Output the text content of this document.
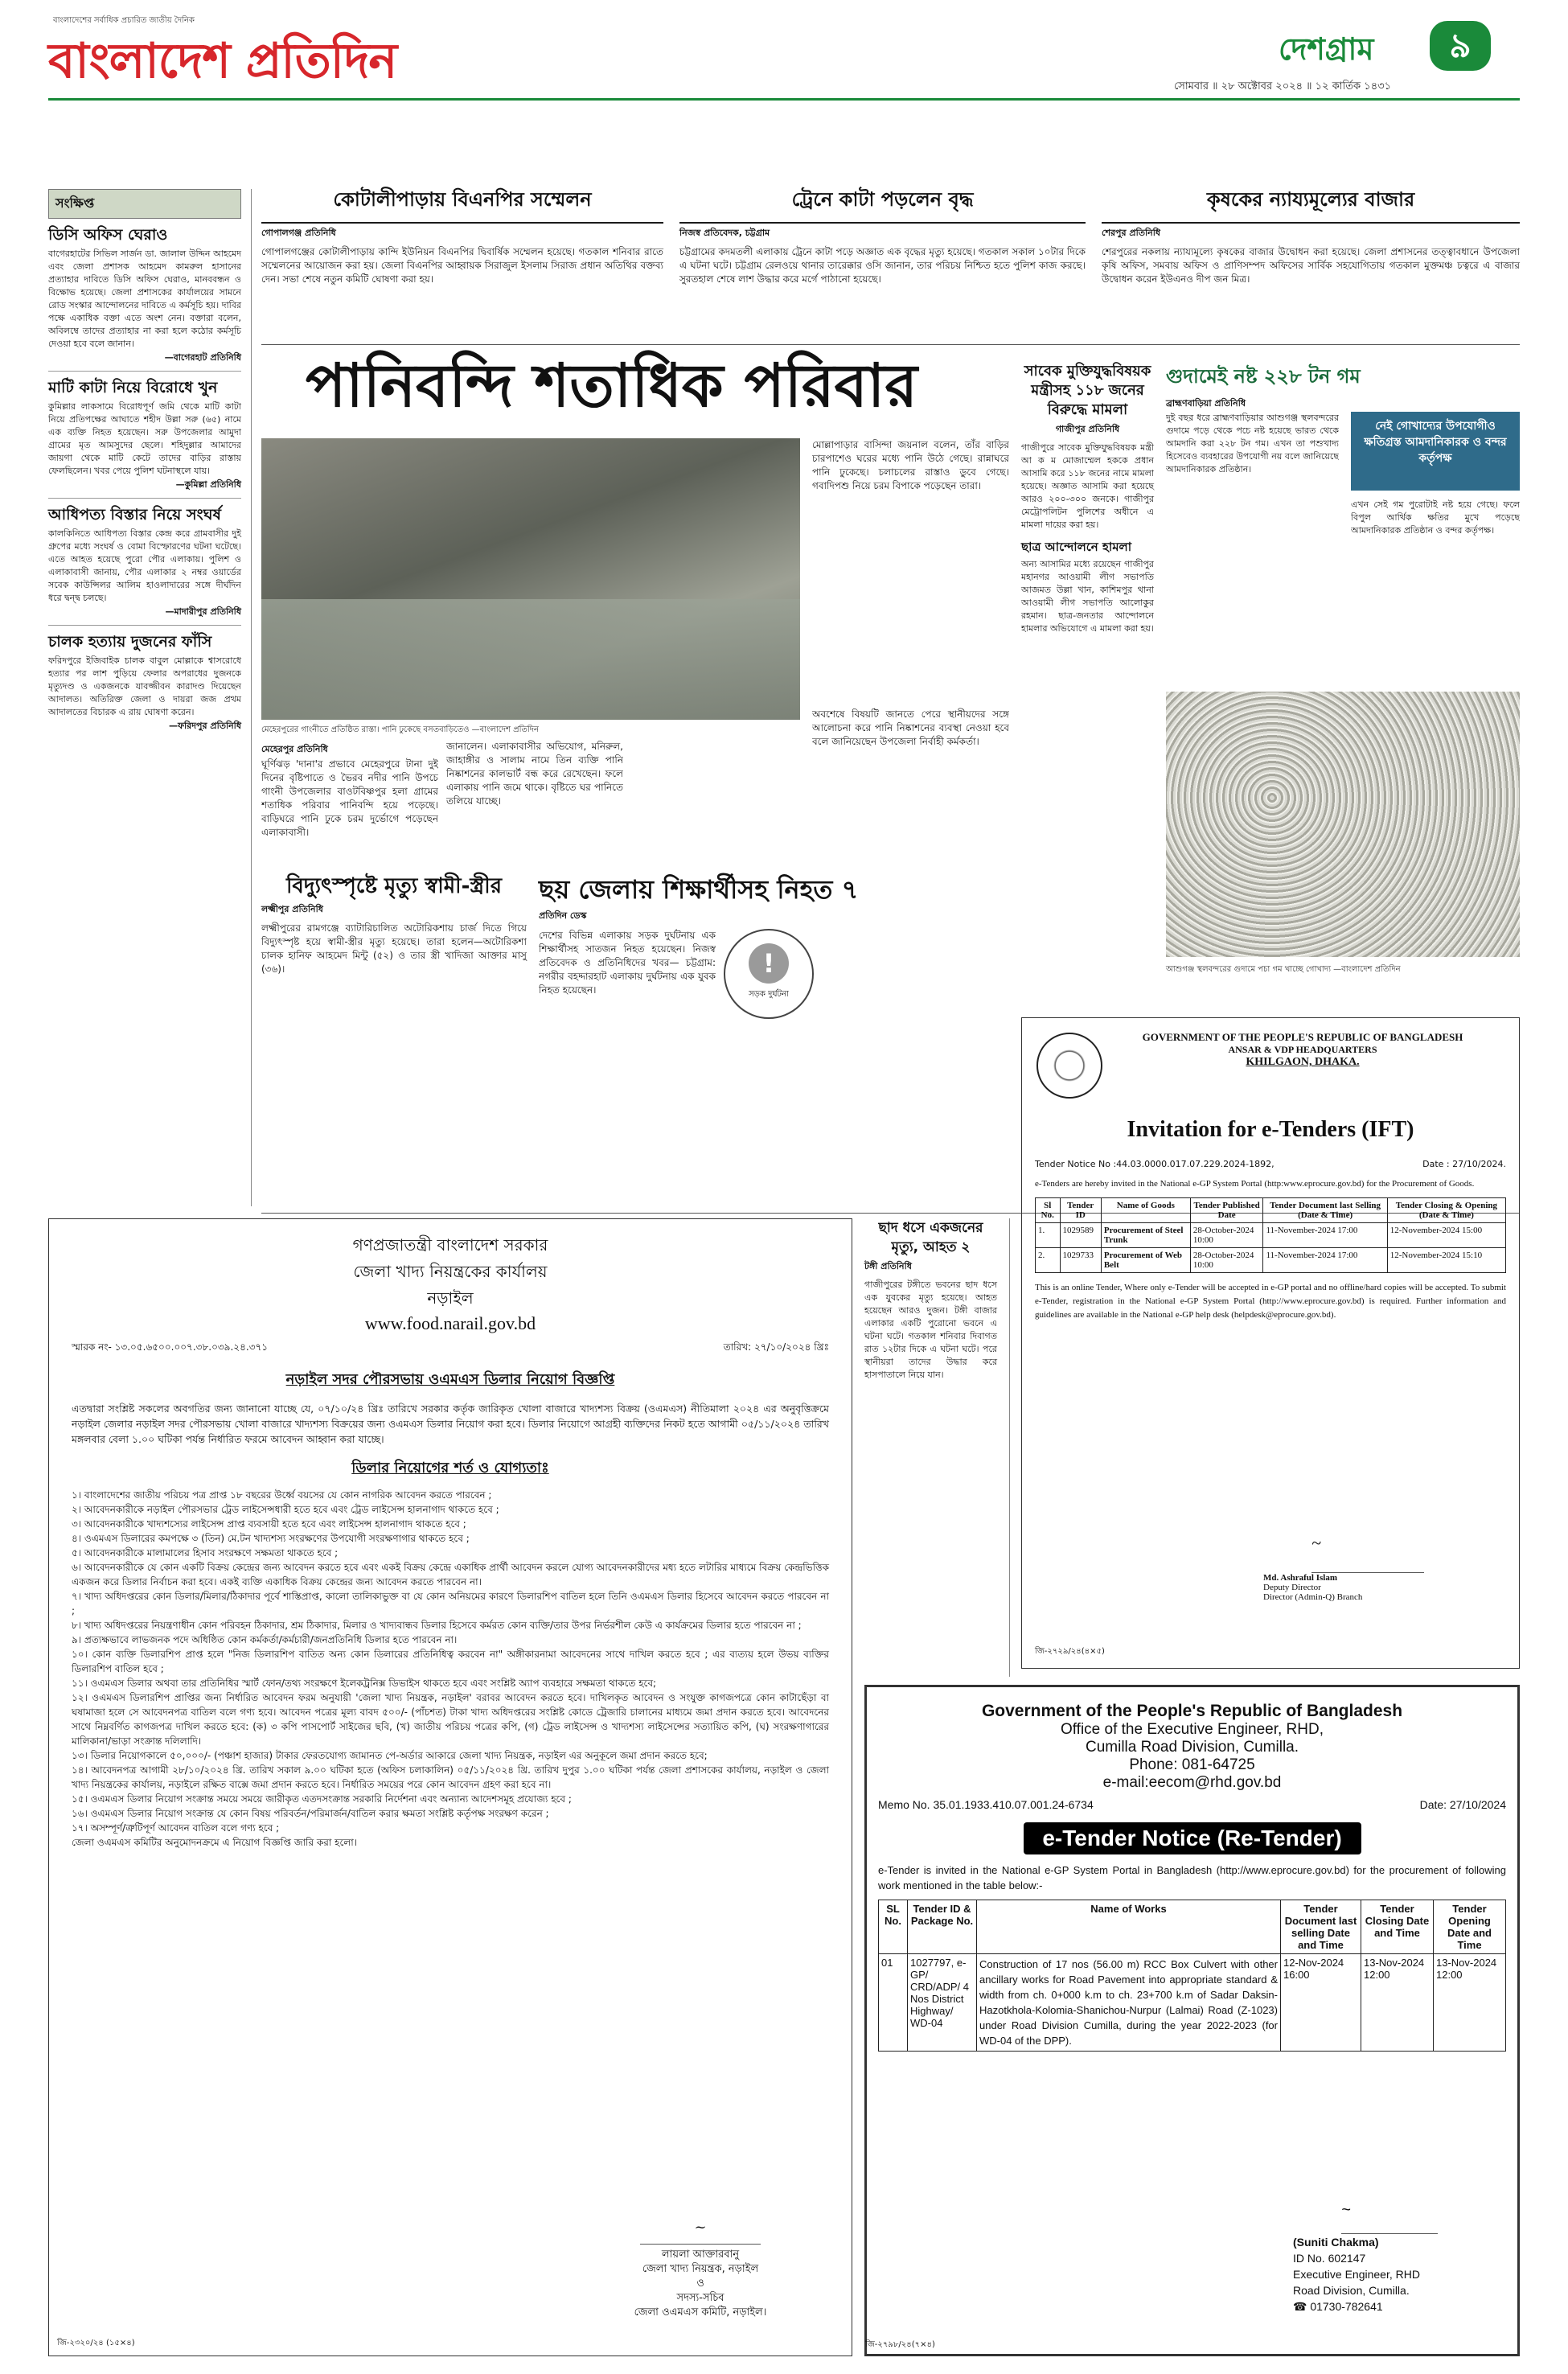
বাংলাদেশের সর্বাধিক প্রচারিত জাতীয় দৈনিক
বাংলাদেশ প্রতিদিন	দেশগ্রাম	৯
সোমবার ॥ ২৮ অক্টোবর ২০২৪ ॥ ১২ কার্তিক ১৪৩১
সংক্ষিপ্ত
ডিসি অফিস ঘেরাও
বাগেরহাটের সিভিল সার্জন ডা. জালাল উদ্দিন আহমেদ এবং জেলা প্রশাসক আহমেদ কামরুল হাসানের প্রত্যাহার দাবিতে ডিসি অফিস ঘেরাও, মানববন্ধন ও বিক্ষোভ হয়েছে। জেলা প্রশাসকের কার্যালয়ের সামনে রোড সংস্কার আন্দোলনের দাবিতে এ কর্মসূচি হয়। দাবির পক্ষে একাধিক বক্তা এতে অংশ নেন। বক্তারা বলেন, অবিলম্বে তাদের প্রত্যাহার না করা হলে কঠোর কর্মসূচি দেওয়া হবে বলে জানান।
—বাগেরহাট প্রতিনিধি
মাটি কাটা নিয়ে বিরোধে খুন
কুমিল্লার লাকসামে বিরোধপূর্ণ জমি থেকে মাটি কাটা নিয়ে প্রতিপক্ষের আঘাতে শহীদ উল্লা সরু (৬৫) নামে এক ব্যক্তি নিহত হয়েছেন। সরু উপজেলার আমুদা গ্রামের মৃত আমসুদের ছেলে। শহিদুল্লার আমাদের জায়গা থেকে মাটি কেটে তাদের বাড়ির রাস্তায় ফেলছিলেন। খবর পেয়ে পুলিশ ঘটনাস্থলে যায়।
—কুমিল্লা প্রতিনিধি
আধিপত্য বিস্তার নিয়ে সংঘর্ষ
কালকিনিতে আধিপত্য বিস্তার কেন্দ্র করে গ্রামবাসীর দুই গ্রুপের মধ্যে সংঘর্ষ ও বোমা বিস্ফোরণের ঘটনা ঘটেছে। এতে আহত হয়েছে পুরো পৌর এলাকায়। পুলিশ ও এলাকাবাসী জানায়, পৌর এলাকার ২ নম্বর ওয়ার্ডের সবেক কাউন্সিলর আলিম হাওলাদারের সঙ্গে দীর্ঘদিন ধরে দ্বন্দ্ব চলছে।
—মাদারীপুর প্রতিনিধি
চালক হত্যায় দুজনের ফাঁসি
ফরিদপুরে ইজিবাইক চালক বাবুল মোল্লাকে শ্বাসরোধে হত্যার পর লাশ পুড়িয়ে ফেলার অপরাধের দুজনকে মৃত্যুদণ্ড ও একজনকে যাবজ্জীবন কারাদণ্ড দিয়েছেন আদালত। অতিরিক্ত জেলা ও দায়রা জজ প্রথম আদালতের বিচারক এ রায় ঘোষণা করেন।
—ফরিদপুর প্রতিনিধি
কোটালীপাড়ায় বিএনপির সম্মেলন
গোপালগঞ্জ প্রতিনিধি
গোপালগঞ্জের কোটালীপাড়ায় কান্দি ইউনিয়ন বিএনপির দ্বিবার্ষিক সম্মেলন হয়েছে। গতকাল শনিবার রাতে সম্মেলনের আয়োজন করা হয়। জেলা বিএনপির আহ্বায়ক সিরাজুল ইসলাম সিরাজ প্রধান অতিথির বক্তব্য দেন। সভা শেষে নতুন কমিটি ঘোষণা করা হয়।
ট্রেনে কাটা পড়লেন বৃদ্ধ
নিজস্ব প্রতিবেদক, চট্টগ্রাম
চট্টগ্রামের কদমতলী এলাকায় ট্রেনে কাটা পড়ে অজ্ঞাত এক বৃদ্ধের মৃত্যু হয়েছে। গতকাল সকাল ১০টার দিকে এ ঘটনা ঘটে। চট্টগ্রাম রেলওয়ে থানার তারেক্কার ওসি জানান, তার পরিচয় নিশ্চিত হতে পুলিশ কাজ করছে। সুরতহাল শেষে লাশ উদ্ধার করে মর্গে পাঠানো হয়েছে।
কৃষকের ন্যায্যমূল্যের বাজার
শেরপুর প্রতিনিধি
শেরপুরের নকলায় ন্যায্যমূল্যে কৃষকের বাজার উদ্বোধন করা হয়েছে। জেলা প্রশাসনের তত্ত্বাবধানে উপজেলা কৃষি অফিস, সমবায় অফিস ও প্রাণিসম্পদ অফিসের সার্বিক সহযোগিতায় গতকাল মুক্তমঞ্চ চত্বরে এ বাজার উদ্বোধন করেন ইউএনও দীপ জন মিত্র।
পানিবন্দি শতাধিক পরিবার
মেহেরপুরের গাংনীতে প্রতিষ্ঠিত রাস্তা। পানি ঢুকেছে বসতবাড়িতেও —বাংলাদেশ প্রতিদিন
মেহেরপুর প্রতিনিধি
ঘূর্ণিঝড় 'দানা'র প্রভাবে মেহেরপুরে টানা দুই দিনের বৃষ্টিপাতে ও ভৈরব নদীর পানি উপচে গাংনী উপজেলার বাওটবিষ্ণপুর হলা গ্রামের শতাধিক পরিবার পানিবন্দি হয়ে পড়েছে। বাড়িঘরে পানি ঢুকে চরম দুর্ভোগে পড়েছেন এলাকাবাসী।
জানালেন। এলাকাবাসীর অভিযোগ, মনিরুল, জাহাঙ্গীর ও সালাম নামে তিন ব্যক্তি পানি নিষ্কাশনের কালভার্ট বন্ধ করে রেখেছেন। ফলে এলাকায় পানি জমে থাকে। বৃষ্টিতে ঘর পানিতে তলিয়ে যাচ্ছে।
মোল্লাপাড়ার বাসিন্দা জয়নাল বলেন, তাঁর বাড়ির চারপাশেও ঘরের মধ্যে পানি উঠে গেছে। রান্নাঘরে পানি ঢুকেছে। চলাচলের রাস্তাও ডুবে গেছে। গবাদিপশু নিয়ে চরম বিপাকে পড়েছেন তারা।
অবশেষে বিষয়টি জানতে পেরে স্থানীয়দের সঙ্গে আলোচনা করে পানি নিষ্কাশনের ব্যবস্থা নেওয়া হবে বলে জানিয়েছেন উপজেলা নির্বাহী কর্মকর্তা।
সাবেক মুক্তিযুদ্ধবিষয়ক মন্ত্রীসহ ১১৮ জনের বিরুদ্ধে মামলা
গাজীপুর প্রতিনিধি
গাজীপুরে সাবেক মুক্তিযুদ্ধবিষয়ক মন্ত্রী আ ক ম মোজাম্মেল হককে প্রধান আসামি করে ১১৮ জনের নামে মামলা হয়েছে। অজ্ঞাত আসামি করা হয়েছে আরও ২০০-৩০০ জনকে। গাজীপুর মেট্রোপলিটন পুলিশের অধীনে এ মামলা দায়ের করা হয়।
ছাত্র আন্দোলনে হামলা
অন্য আসামির মধ্যে রয়েছেন গাজীপুর মহানগর আওয়ামী লীগ সভাপতি আজমত উল্লা খান, কাশিমপুর থানা আওয়ামী লীগ সভাপতি আলোকুর রহমান। ছাত্র-জনতার আন্দোলনে হামলার অভিযোগে এ মামলা করা হয়।
গুদামেই নষ্ট ২২৮ টন গম
ব্রাহ্মণবাড়িয়া প্রতিনিধি
নেই গোখাদ্যের উপযোগীও ক্ষতিগ্রস্ত আমদানিকারক ও বন্দর কর্তৃপক্ষ
দুই বছর ধরে ব্রাহ্মণবাড়িয়ার আশুগঞ্জ স্থলবন্দরের গুদামে পড়ে থেকে পচে নষ্ট হয়েছে ভারত থেকে আমদানি করা ২২৮ টন গম। এখন তা পশুখাদ্য হিসেবেও ব্যবহারের উপযোগী নয় বলে জানিয়েছে আমদানিকারক প্রতিষ্ঠান।
এখন সেই গম পুরোটাই নষ্ট হয়ে গেছে। ফলে বিপুল আর্থিক ক্ষতির মুখে পড়েছে আমদানিকারক প্রতিষ্ঠান ও বন্দর কর্তৃপক্ষ।
আশুগঞ্জ স্থলবন্দরের গুদামে পচা গম খাচ্ছে গোখাদ্য —বাংলাদেশ প্রতিদিন
বিদ্যুৎস্পৃষ্টে মৃত্যু স্বামী-স্ত্রীর
লক্ষ্মীপুর প্রতিনিধি
লক্ষ্মীপুরের রামগঞ্জে ব্যাটারিচালিত অটোরিকশায় চার্জ দিতে গিয়ে বিদ্যুৎস্পৃষ্ট হয়ে স্বামী-স্ত্রীর মৃত্যু হয়েছে। তারা হলেন—অটোরিকশা চালক হানিফ আহমেদ মিন্টু (৫২) ও তার স্ত্রী খাদিজা আক্তার মাসু (৩৬)।
ছয় জেলায় শিক্ষার্থীসহ নিহত ৭
প্রতিদিন ডেস্ক
!
সড়ক দুর্ঘটনা
দেশের বিভিন্ন এলাকায় সড়ক দুর্ঘটনায় এক শিক্ষার্থীসহ সাতজন নিহত হয়েছেন। নিজস্ব প্রতিবেদক ও প্রতিনিধিদের খবর— চট্টগ্রাম: নগরীর বহদ্দারহাট এলাকায় দুর্ঘটনায় এক যুবক নিহত হয়েছেন।
গণপ্রজাতন্ত্রী বাংলাদেশ সরকার
জেলা খাদ্য নিয়ন্ত্রকের কার্যালয়
নড়াইল
www.food.narail.gov.bd
স্মারক নং- ১৩.০৫.৬৫০০.০০৭.৩৮.০৩৯.২৪.৩৭১	তারিখ: ২৭/১০/২০২৪ খ্রিঃ
নড়াইল সদর পৌরসভায় ওএমএস ডিলার নিয়োগ বিজ্ঞপ্তি
এতদ্বারা সংশ্লিষ্ট সকলের অবগতির জন্য জানানো যাচ্ছে যে, ০৭/১০/২৪ খ্রিঃ তারিখে সরকার কর্তৃক জারিকৃত খোলা বাজারে খাদ্যশস্য বিক্রয় (ওএমএস) নীতিমালা ২০২৪ এর অনুবৃত্তিক্রমে নড়াইল জেলার নড়াইল সদর পৌরসভায় খোলা বাজারে খাদ্যশস্য বিক্রয়ের জন্য ওএমএস ডিলার নিয়োগ করা হবে। ডিলার নিয়োগে আগ্রহী ব্যক্তিদের নিকট হতে আগামী ০৫/১১/২০২৪ তারিখ মঙ্গলবার বেলা ১.০০ ঘটিকা পর্যন্ত নির্ধারিত ফরমে আবেদন আহ্বান করা যাচ্ছে।
ডিলার নিয়োগের শর্ত ও যোগ্যতাঃ
১। বাংলাদেশের জাতীয় পরিচয় পত্র প্রাপ্ত ১৮ বছরের উর্ধ্বে বয়সের যে কোন নাগরিক আবেদন করতে পারবেন ;
২। আবেদনকারীকে নড়াইল পৌরসভার ট্রেড লাইসেন্সধারী হতে হবে এবং ট্রেড লাইসেন্স হালনাগাদ থাকতে হবে ;
৩। আবেদনকারীকে খাদ্যশস্যের লাইসেন্স প্রাপ্ত ব্যবসায়ী হতে হবে এবং লাইসেন্স হালনাগাদ থাকতে হবে ;
৪। ওএমএস ডিলারের কমপক্ষে ৩ (তিন) মে.টন খাদ্যশস্য সংরক্ষণের উপযোগী সংরক্ষণাগার থাকতে হবে ;
৫। আবেদনকারীকে মালামালের হিসাব সংরক্ষণে সক্ষমতা থাকতে হবে ;
৬। আবেদনকারীকে যে কোন একটি বিক্রয় কেন্দ্রের জন্য আবেদন করতে হবে এবং একই বিক্রয় কেন্দ্রে একাধিক প্রার্থী আবেদন করলে যোগ্য আবেদনকারীদের মধ্য হতে লটারির মাধ্যমে বিক্রয় কেন্দ্রভিত্তিক একজন করে ডিলার নির্বাচন করা হবে। একই ব্যক্তি একাধিক বিক্রয় কেন্দ্রের জন্য আবেদন করতে পারবেন না।
৭। খাদ্য অধিদপ্তরের কোন ডিলার/মিলার/ঠিকাদার পূর্বে শাস্তিপ্রাপ্ত, কালো তালিকাভুক্ত বা যে কোন অনিয়মের কারণে ডিলারশিপ বাতিল হলে তিনি ওএমএস ডিলার হিসেবে আবেদন করতে পারবেন না ;
৮। খাদ্য অধিদপ্তরের নিয়ন্ত্রণাধীন কোন পরিবহন ঠিকাদার, শ্রম ঠিকাদার, মিলার ও খাদ্যবান্ধব ডিলার হিসেবে কর্মরত কোন ব্যক্তি/তার উপর নির্ভরশীল কেউ এ কার্যক্রমের ডিলার হতে পারবেন না ;
৯। প্রত্যক্ষভাবে লাভজনক পদে অধিষ্ঠিত কোন কর্মকর্তা/কর্মচারী/জনপ্রতিনিধি ডিলার হতে পারবেন না।
১০। কোন ব্যক্তি ডিলারশিপ প্রাপ্ত হলে "নিজ ডিলারশিপ বাতিত অন্য কোন ডিলারের প্রতিনিধিত্ব করবেন না" অঙ্গীকারনামা আবেদনের সাথে দাখিল করতে হবে ; এর ব্যত্যয় হলে উভয় ব্যক্তির ডিলারশিপ বাতিল হবে ;
১১। ওএমএস ডিলার অথবা তার প্রতিনিধির স্মার্ট ফোন/তথ্য সংরক্ষণে ইলেকট্রনিক্স ডিভাইস থাকতে হবে এবং সংশ্লিষ্ট অ্যাপ ব্যবহারে সক্ষমতা থাকতে হবে;
১২। ওএমএস ডিলারশিপ প্রাপ্তির জন্য নির্ধারিত আবেদন ফরম অনুযায়ী 'জেলা খাদ্য নিয়ন্ত্রক, নড়াইল' বরাবর আবেদন করতে হবে। দাখিলকৃত আবেদন ও সংযুক্ত কাগজপত্রে কোন কাটাছেঁড়া বা ঘষামাজা হলে সে আবেদনপত্র বাতিল বলে গণ্য হবে। আবেদন পত্রের মূল্য বাবদ ৫০০/- (পাঁচশত) টাকা খাদ্য অধিদপ্তরের সংশ্লিষ্ট কোডে ট্রেজারি চালানের মাধ্যমে জমা প্রদান করতে হবে। আবেদনের সাথে নিম্নবর্ণিত কাগজপত্র দাখিল করতে হবে: (ক) ৩ কপি পাসপোর্ট সাইজের ছবি, (খ) জাতীয় পরিচয় পত্রের কপি, (গ) ট্রেড লাইসেন্স ও খাদ্যশস্য লাইসেন্সের সত্যায়িত কপি, (ঘ) সংরক্ষণাগারের মালিকানা/ভাড়া সংক্রান্ত দলিলাদি।
১৩। ডিলার নিয়োগকালে ৫০,০০০/- (পঞ্চাশ হাজার) টাকার ফেরতযোগ্য জামানত পে-অর্ডার আকারে জেলা খাদ্য নিয়ন্ত্রক, নড়াইল এর অনুকূলে জমা প্রদান করতে হবে;
১৪। আবেদনপত্র আগামী ২৮/১০/২০২৪ খ্রি. তারিখ সকাল ৯.০০ ঘটিকা হতে (অফিস চলাকালিন) ০৫/১১/২০২৪ খ্রি. তারিখ দুপুর ১.০০ ঘটিকা পর্যন্ত জেলা প্রশাসকের কার্যালয়, নড়াইল ও জেলা খাদ্য নিয়ন্ত্রকের কার্যালয়, নড়াইলে রক্ষিত বাক্সে জমা প্রদান করতে হবে। নির্ধারিত সময়ের পরে কোন আবেদন গ্রহণ করা হবে না।
১৫। ওএমএস ডিলার নিয়োগ সংক্রান্ত সময়ে সময়ে জারীকৃত এতদসংক্রান্ত সরকারি নির্দেশনা এবং অন্যান্য আদেশসমূহ প্রযোজ্য হবে ;
১৬। ওএমএস ডিলার নিয়োগ সংক্রান্ত যে কোন বিষয় পরিবর্তন/পরিমার্জন/বাতিল করার ক্ষমতা সংশ্লিষ্ট কর্তৃপক্ষ সংরক্ষণ করেন ;
১৭। অসম্পূর্ণ/ত্রুটিপূর্ণ আবেদন বাতিল বলে গণ্য হবে ;
জেলা ওএমএস কমিটির অনুমোদনক্রমে এ নিয়োগ বিজ্ঞপ্তি জারি করা হলো।
~
লায়লা আক্তারবানু
জেলা খাদ্য নিয়ন্ত্রক, নড়াইল
ও
সদস্য-সচিব
জেলা ওএমএস কমিটি, নড়াইল।
জি-২৩২০/২৪ (১৫×৪)
ছাদ ধসে একজনের মৃত্যু, আহত ২
টঙ্গী প্রতিনিধি
গাজীপুরের টঙ্গীতে ভবনের ছাদ ধসে এক যুবকের মৃত্যু হয়েছে। আহত হয়েছেন আরও দুজন। টঙ্গী বাজার এলাকার একটি পুরোনো ভবনে এ ঘটনা ঘটে। গতকাল শনিবার দিবাগত রাত ১২টার দিকে এ ঘটনা ঘটে। পরে স্থানীয়রা তাদের উদ্ধার করে হাসপাতালে নিয়ে যান।
GOVERNMENT OF THE PEOPLE'S REPUBLIC OF BANGLADESH
ANSAR & VDP HEADQUARTERS
KHILGAON, DHAKA.
Invitation for e-Tenders (IFT)
Tender Notice No :44.03.0000.017.07.229.2024-1892,	Date : 27/10/2024.
e-Tenders are hereby invited in the National e-GP System Portal (http:www.eprocure.gov.bd) for the Procurement of Goods.
Sl No.	Tender ID	Name of Goods	Tender Published Date	Tender Document last Selling (Date & Time)	Tender Closing & Opening (Date & Time)
1.	1029589	Procurement of Steel Trunk	28-October-2024 10:00	11-November-2024 17:00	12-November-2024 15:00
2.	1029733	Procurement of Web Belt	28-October-2024 10:00	11-November-2024 17:00	12-November-2024 15:10
This is an online Tender, Where only e-Tender will be accepted in e-GP portal and no offline/hard copies will be accepted. To submit e-Tender, registration in the National e-GP System Portal (http://www.eprocure.gov.bd) is required. Further information and guidelines are available in the National e-GP help desk (helpdesk@eprocure.gov.bd).
~
Md. Ashraful Islam
Deputy Director
Director (Admin-Q) Branch
জি-২৭২৯/২৪(৪×৫)
Government of the People's Republic of Bangladesh
Office of the Executive Engineer, RHD,
Cumilla Road Division, Cumilla.
Phone: 081-64725
e-mail:eecom@rhd.gov.bd
Memo No. 35.01.1933.410.07.001.24-6734	Date: 27/10/2024
e-Tender Notice (Re-Tender)
e-Tender is invited in the National e-GP System Portal in Bangladesh (http://www.eprocure.gov.bd) for the procurement of following work mentioned in the table below:-
SL No.	Tender ID & Package No.	Name of Works	Tender Document last selling Date and Time	Tender Closing Date and Time	Tender Opening Date and Time
01	1027797, e-GP/ CRD/ADP/ 4 Nos District Highway/ WD-04	Construction of 17 nos (56.00 m) RCC Box Culvert with other ancillary works for Road Pavement into appropriate standard & width from ch. 0+000 k.m to ch. 23+700 k.m of Sadar Daksin-Hazotkhola-Kolomia-Shanichou-Nurpur (Lalmai) Road (Z-1023) under Road Division Cumilla, during the year 2022-2023 (for WD-04 of the DPP).	12-Nov-2024 16:00	13-Nov-2024 12:00	13-Nov-2024 12:00
~
(Suniti Chakma)
ID No. 602147
Executive Engineer, RHD
Road Division, Cumilla.
☎ 01730-782641
জি-২৭৯৮/২৪(৭×৪)
